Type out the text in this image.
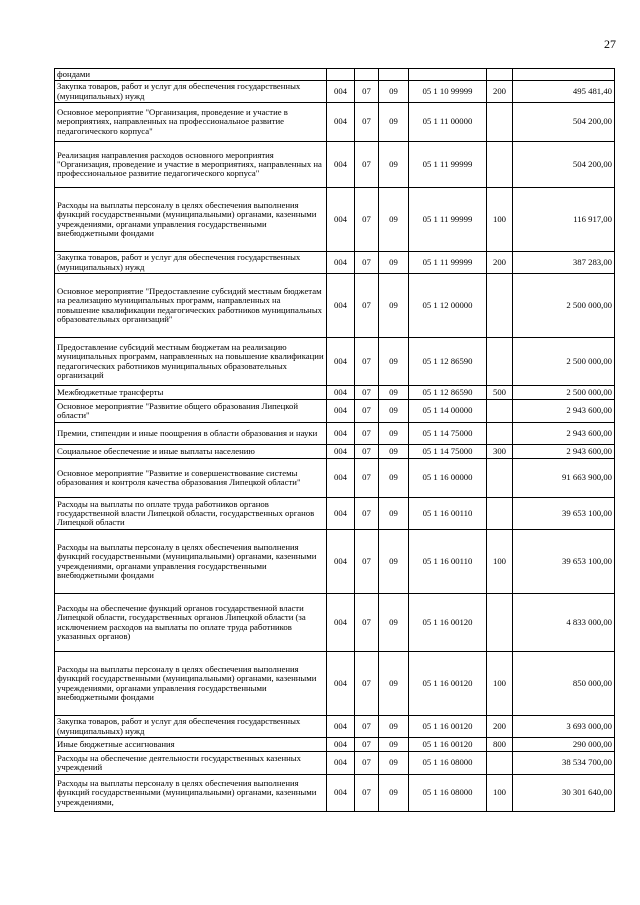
27
фондами						
Закупка товаров, работ и услуг для обеспечения государственных (муниципальных) нужд	004	07	09	05 1 10 99999	200	495 481,40
Основное мероприятие "Организация, проведение и участие в мероприятиях, направленных на профессиональное развитие педагогического корпуса"	004	07	09	05 1 11 00000		504 200,00
Реализация направления расходов основного мероприятия "Организация, проведение и участие в мероприятиях, направленных на профессиональное развитие педагогического корпуса"	004	07	09	05 1 11 99999		504 200,00
Расходы на выплаты персоналу в целях обеспечения выполнения функций государственными (муниципальными) органами, казенными учреждениями, органами управления государственными внебюджетными фондами	004	07	09	05 1 11 99999	100	116 917,00
Закупка товаров, работ и услуг для обеспечения государственных (муниципальных) нужд	004	07	09	05 1 11 99999	200	387 283,00
Основное мероприятие "Предоставление субсидий местным бюджетам на реализацию муниципальных программ, направленных на повышение квалификации педагогических работников муниципальных образовательных организаций"	004	07	09	05 1 12 00000		2 500 000,00
Предоставление субсидий местным бюджетам на реализацию муниципальных программ, направленных на повышение квалификации педагогических работников муниципальных образовательных организаций	004	07	09	05 1 12 86590		2 500 000,00
Межбюджетные трансферты	004	07	09	05 1 12 86590	500	2 500 000,00
Основное мероприятие "Развитие общего образования Липецкой области"	004	07	09	05 1 14 00000		2 943 600,00
Премии, стипендии и иные поощрения в области образования и науки	004	07	09	05 1 14 75000		2 943 600,00
Социальное обеспечение и иные выплаты населению	004	07	09	05 1 14 75000	300	2 943 600,00
Основное мероприятие "Развитие и совершенствование системы образования и контроля качества образования Липецкой области"	004	07	09	05 1 16 00000		91 663 900,00
Расходы на выплаты по оплате труда работников органов государственной власти Липецкой области, государственных органов Липецкой области	004	07	09	05 1 16 00110		39 653 100,00
Расходы на выплаты персоналу в целях обеспечения выполнения функций государственными (муниципальными) органами, казенными учреждениями, органами управления государственными внебюджетными фондами	004	07	09	05 1 16 00110	100	39 653 100,00
Расходы на обеспечение функций органов государственной власти Липецкой области, государственных органов Липецкой области (за исключением расходов на выплаты по оплате труда работников указанных органов)	004	07	09	05 1 16 00120		4 833 000,00
Расходы на выплаты персоналу в целях обеспечения выполнения функций государственными (муниципальными) органами, казенными учреждениями, органами управления государственными внебюджетными фондами	004	07	09	05 1 16 00120	100	850 000,00
Закупка товаров, работ и услуг для обеспечения государственных (муниципальных) нужд	004	07	09	05 1 16 00120	200	3 693 000,00
Иные бюджетные ассигнования	004	07	09	05 1 16 00120	800	290 000,00
Расходы на обеспечение деятельности государственных казенных учреждений	004	07	09	05 1 16 08000		38 534 700,00
Расходы на выплаты персоналу в целях обеспечения выполнения функций государственными (муниципальными) органами, казенными учреждениями,	004	07	09	05 1 16 08000	100	30 301 640,00
